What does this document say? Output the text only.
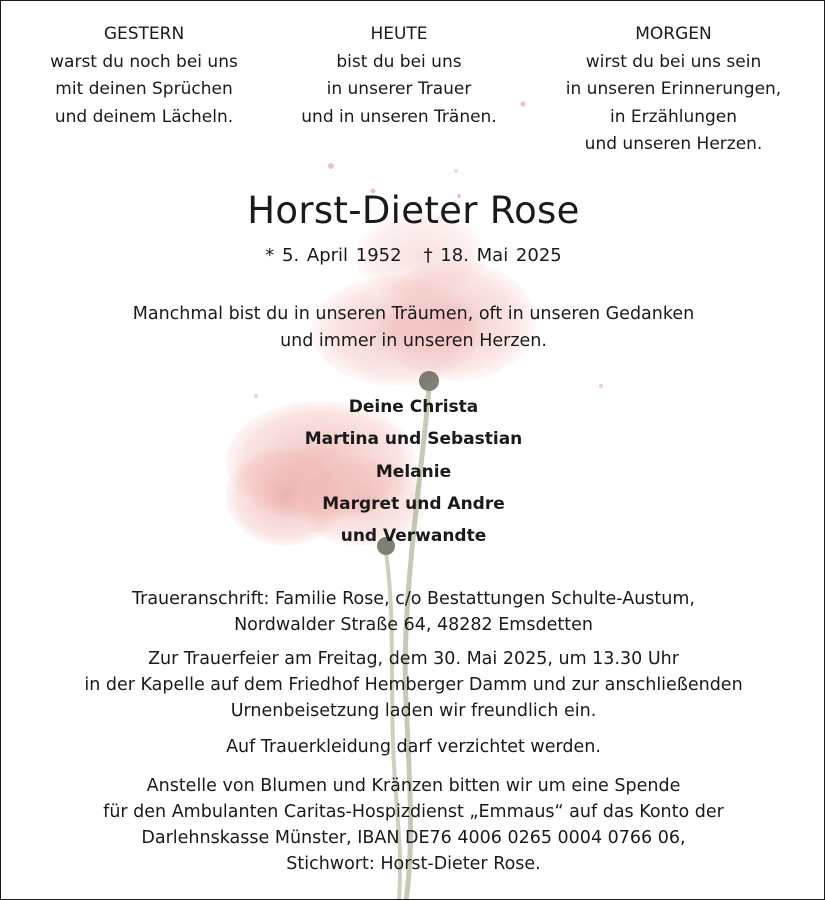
GESTERN
warst du noch bei uns
mit deinen Sprüchen
und deinem Lächeln.
HEUTE
bist du bei uns
in unserer Trauer
und in unseren Tränen.
MORGEN
wirst du bei uns sein
in unseren Erinnerungen,
in Erzählungen
und unseren Herzen.
Horst-Dieter Rose
* 5. April 1952 † 18. Mai 2025
Manchmal bist du in unseren Träumen, oft in unseren Gedanken
und immer in unseren Herzen.
Deine Christa
Martina und Sebastian
Melanie
Margret und Andre
und Verwandte
Traueranschrift: Familie Rose, c/o Bestattungen Schulte-Austum,
Nordwalder Straße 64, 48282 Emsdetten
Zur Trauerfeier am Freitag, dem 30. Mai 2025, um 13.30 Uhr
in der Kapelle auf dem Friedhof Hemberger Damm und zur anschließenden
Urnenbeisetzung laden wir freundlich ein.
Auf Trauerkleidung darf verzichtet werden.
Anstelle von Blumen und Kränzen bitten wir um eine Spende
für den Ambulanten Caritas-Hospizdienst „Emmaus“ auf das Konto der
Darlehnskasse Münster, IBAN DE76 4006 0265 0004 0766 06,
Stichwort: Horst-Dieter Rose.
